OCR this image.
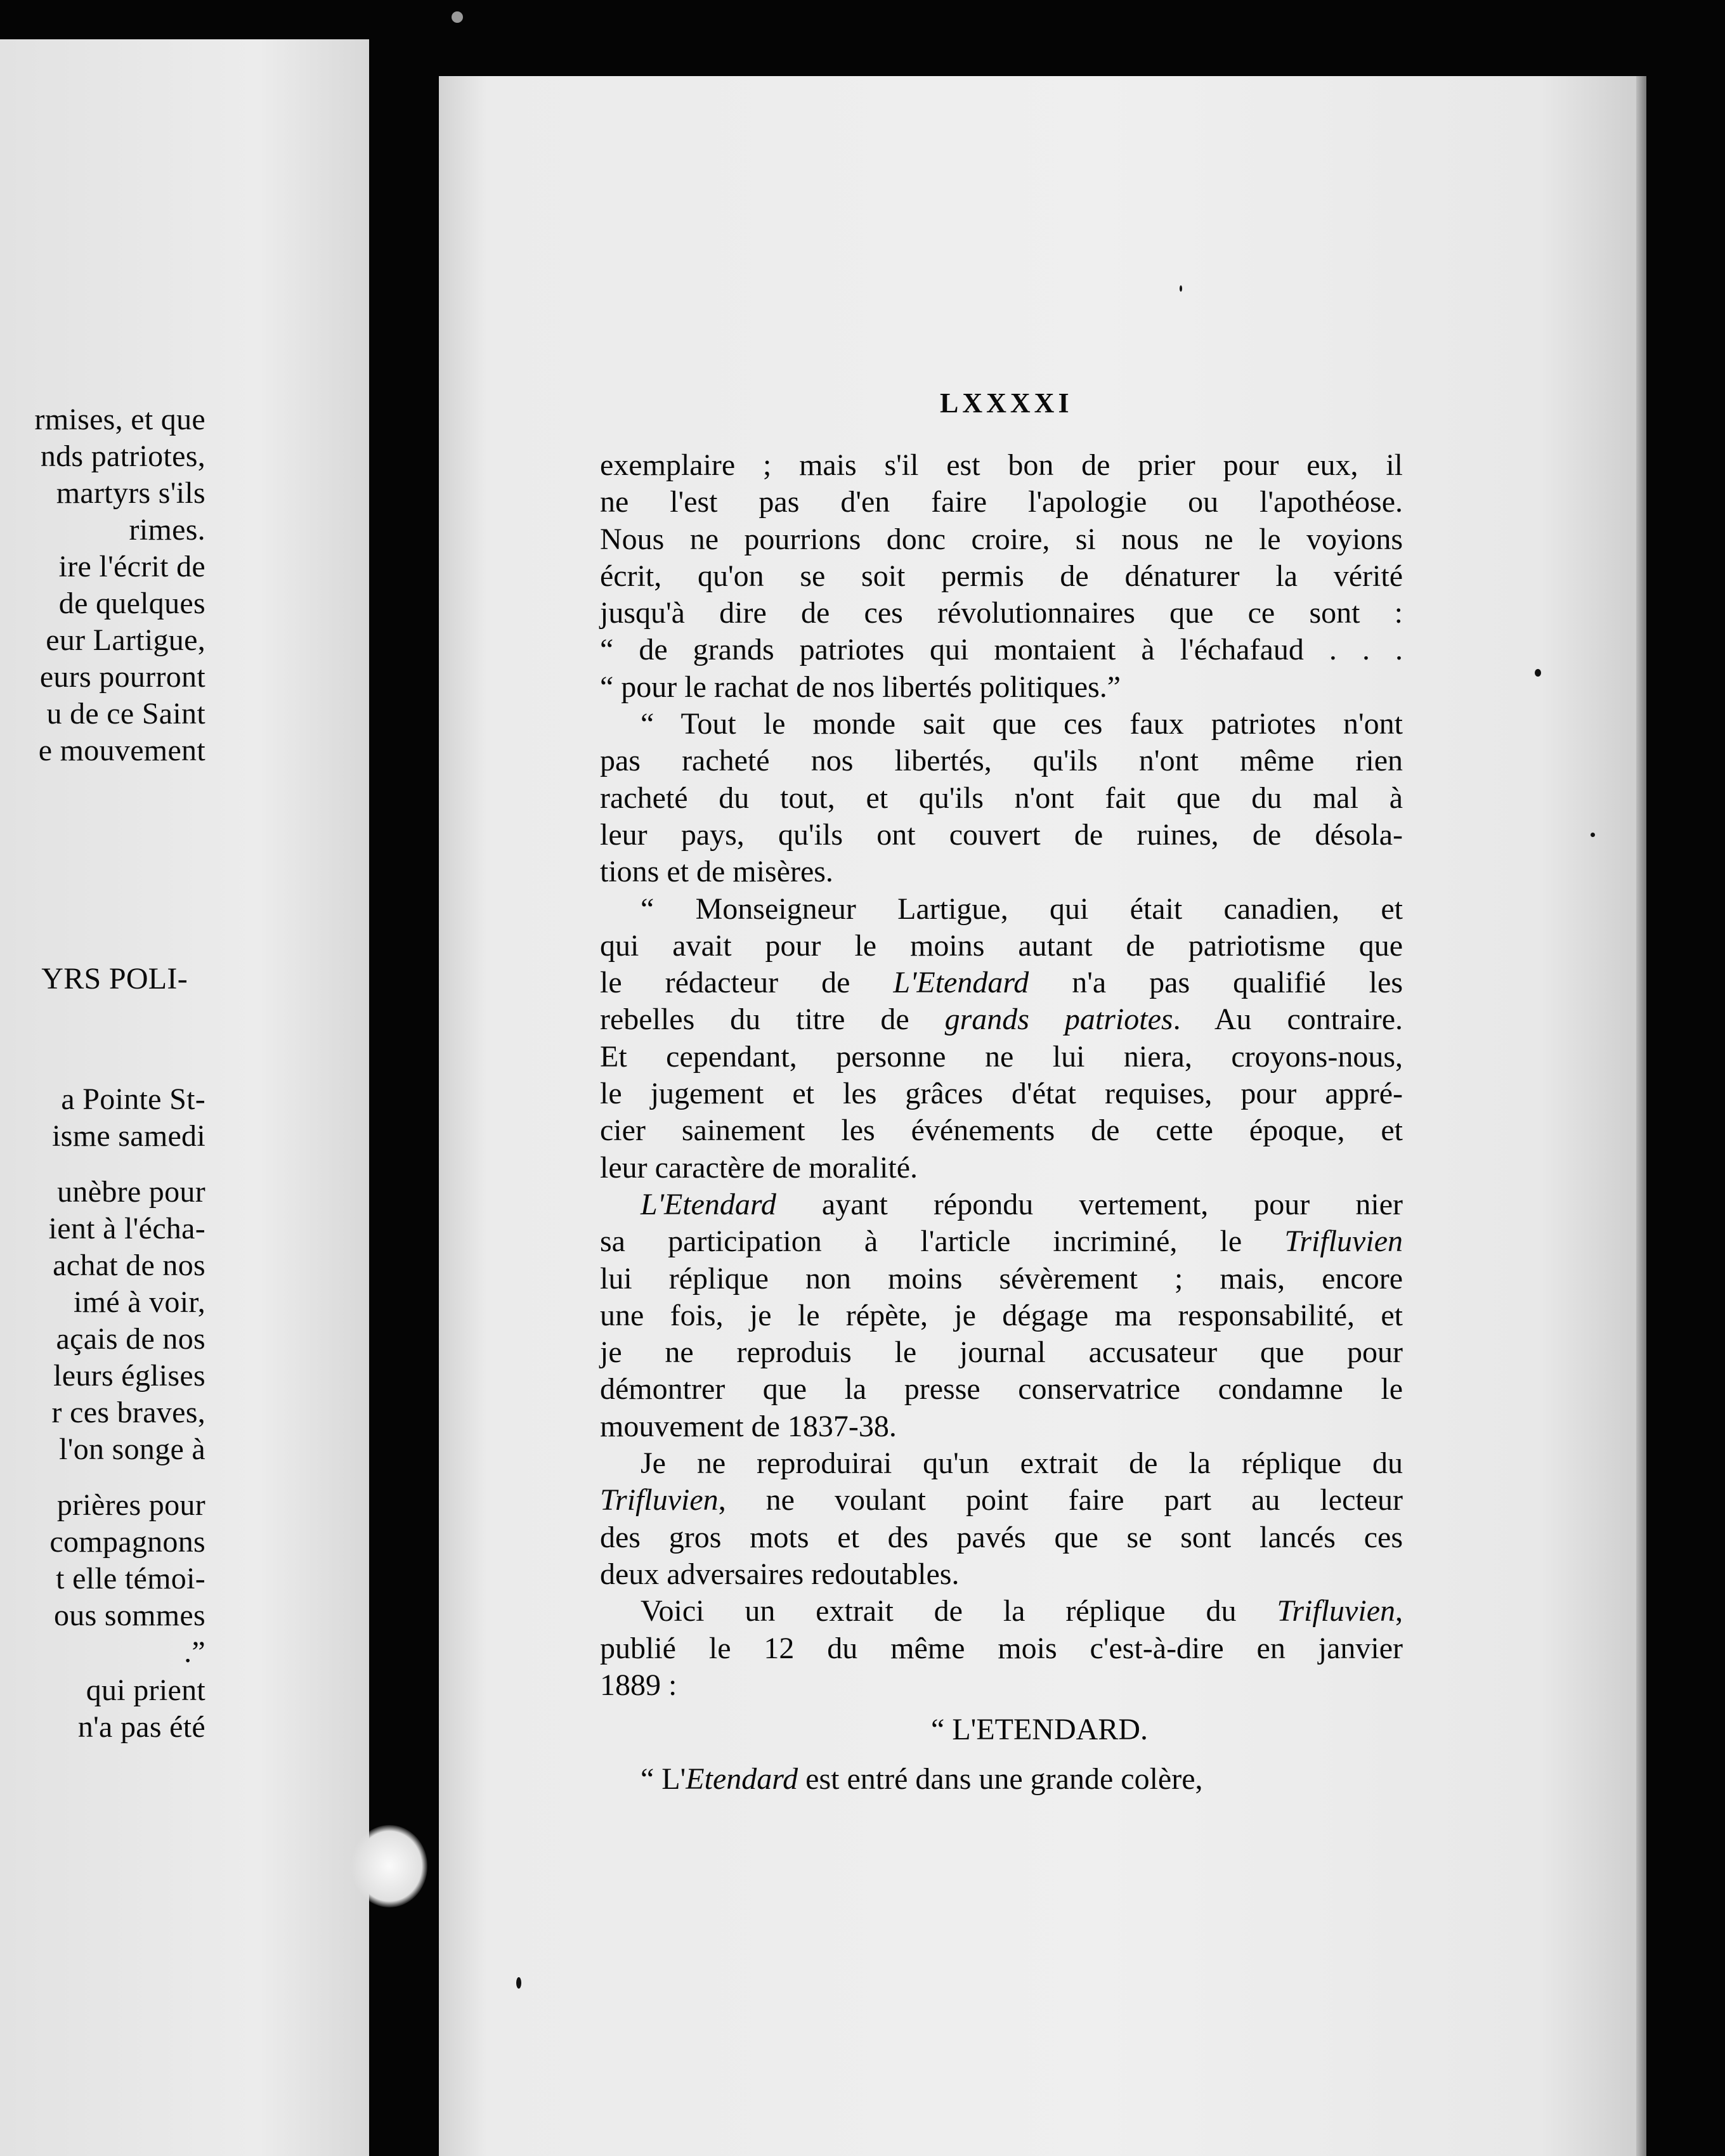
rmises, et que
nds patriotes,
martyrs s'ils
rimes.
ire l'écrit de
de quelques
eur Lartigue,
eurs pourront
u de ce Saint
e mouvement
YRS POLI-
a Pointe St-
isme samedi
unèbre pour
ient à l'écha-
achat de nos
imé à voir,
açais de nos
leurs églises
r ces braves,
l'on songe à
prières pour
compagnons
t elle témoi-
ous sommes
.”
qui prient
n'a pas été
LXXXXI

exemplaire ; mais s'il est bon de prier pour eux, il
ne l'est pas d'en faire l'apologie ou l'apothéose.
Nous ne pourrions donc croire, si nous ne le voyions
écrit, qu'on se soit permis de dénaturer la vérité
jusqu'à dire de ces révolutionnaires que ce sont :
“ de grands patriotes qui montaient à l'échafaud . . .
“ pour le rachat de nos libertés politiques.”

“ Tout le monde sait que ces faux patriotes n'ont
pas racheté nos libertés, qu'ils n'ont même rien
racheté du tout, et qu'ils n'ont fait que du mal à
leur pays, qu'ils ont couvert de ruines, de désola-
tions et de misères.

“ Monseigneur Lartigue, qui était canadien, et
qui avait pour le moins autant de patriotisme que
le rédacteur de L'Etendard n'a pas qualifié les
rebelles du titre de grands patriotes. Au contraire.
Et cependant, personne ne lui niera, croyons-nous,
le jugement et les grâces d'état requises, pour appré-
cier sainement les événements de cette époque, et
leur caractère de moralité.

L'Etendard ayant répondu vertement, pour nier
sa participation à l'article incriminé, le Trifluvien
lui réplique non moins sévèrement ; mais, encore
une fois, je le répète, je dégage ma responsabilité, et
je ne reproduis le journal accusateur que pour
démontrer que la presse conservatrice condamne le
mouvement de 1837-38.

Je ne reproduirai qu'un extrait de la réplique du
Trifluvien, ne voulant point faire part au lecteur
des gros mots et des pavés que se sont lancés ces
deux adversaires redoutables.

Voici un extrait de la réplique du Trifluvien,
publié le 12 du même mois c'est-à-dire en janvier
1889 :

“ L'ETENDARD.

“ L'Etendard est entré dans une grande colère,
